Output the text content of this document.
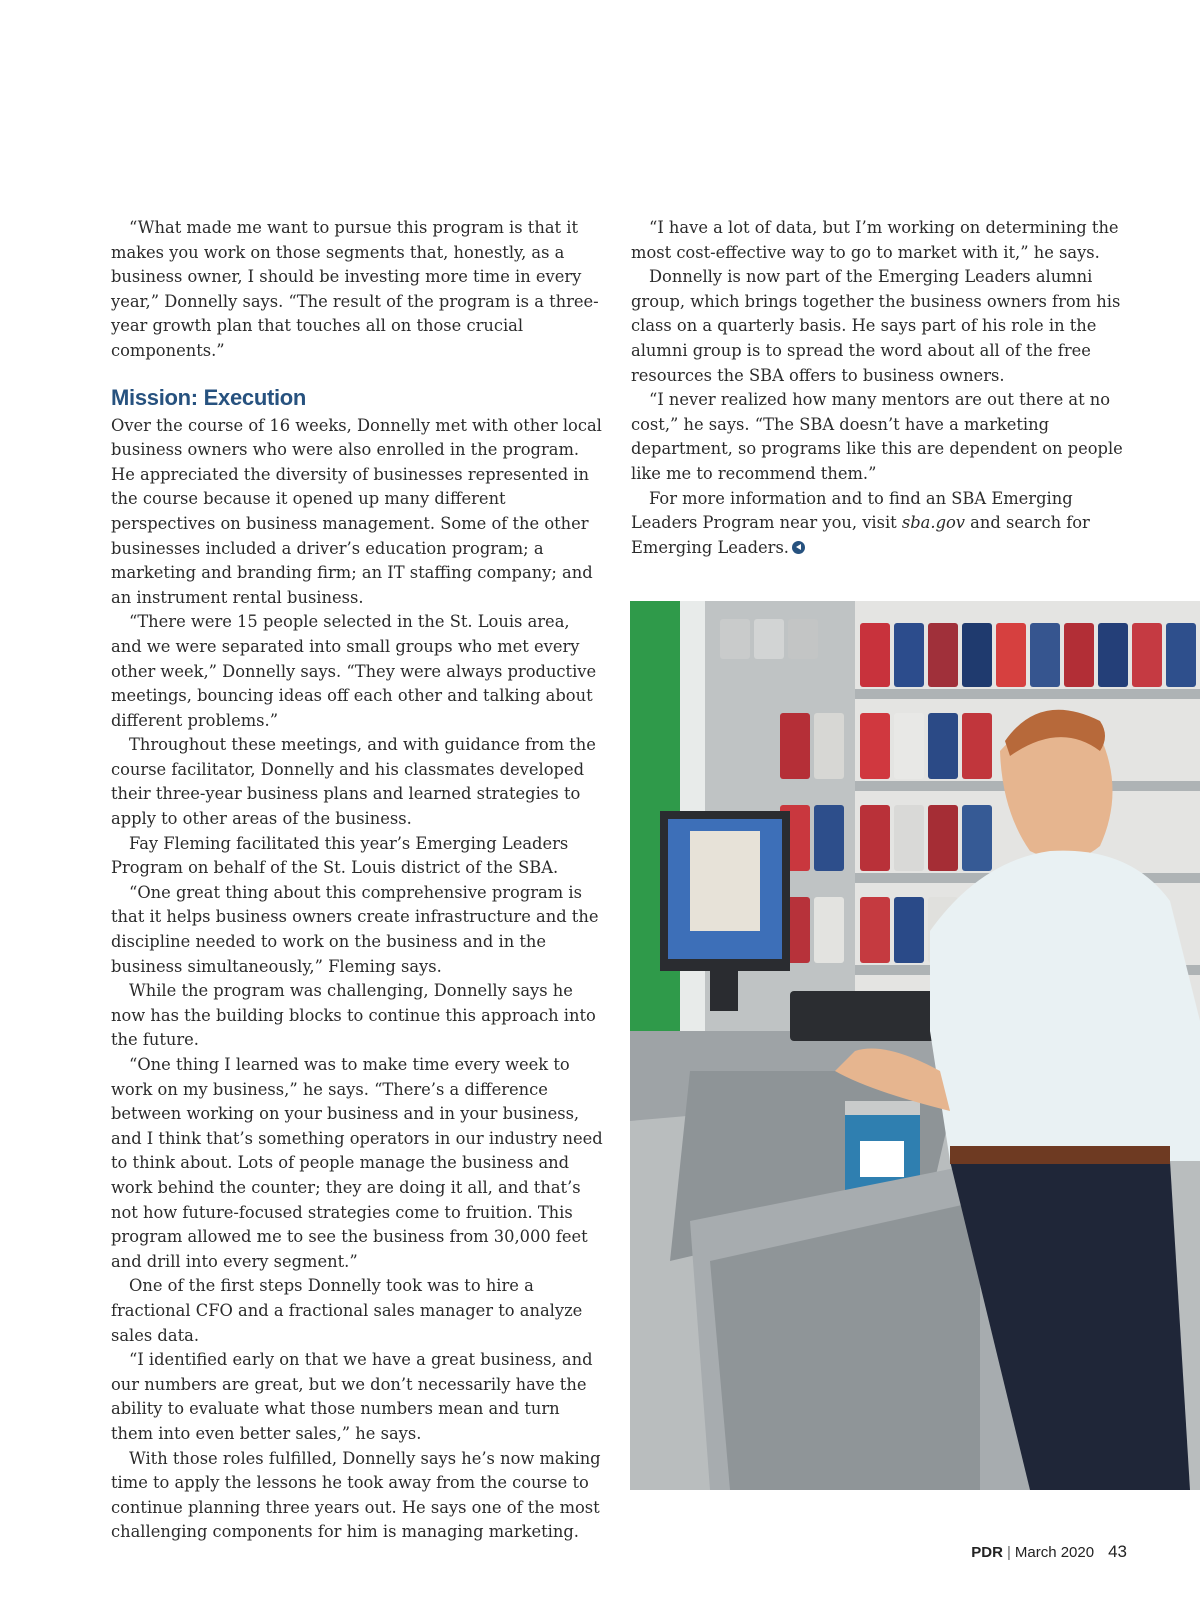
“What made me want to pursue this program is that it makes you work on those segments that, honestly, as a business owner, I should be investing more time in every year,” Donnelly says. “The result of the program is a three-year growth plan that touches all on those crucial components.”

Mission: Execution

Over the course of 16 weeks, Donnelly met with other local business owners who were also enrolled in the program. He appreciated the diversity of businesses represented in the course because it opened up many different perspectives on business management. Some of the other businesses included a driver’s education program; a marketing and branding firm; an IT staffing company; and an instrument rental business.

“There were 15 people selected in the St. Louis area, and we were separated into small groups who met every other week,” Donnelly says. “They were always productive meetings, bouncing ideas off each other and talking about different problems.”

Throughout these meetings, and with guidance from the course facilitator, Donnelly and his classmates developed their three-year business plans and learned strategies to apply to other areas of the business.

Fay Fleming facilitated this year’s Emerging Leaders Program on behalf of the St. Louis district of the SBA.

“One great thing about this comprehensive program is that it helps business owners create infrastructure and the discipline needed to work on the business and in the business simultaneously,” Fleming says.

While the program was challenging, Donnelly says he now has the building blocks to continue this approach into the future.

“One thing I learned was to make time every week to work on my business,” he says. “There’s a difference between working on your business and in your business, and I think that’s something operators in our industry need to think about. Lots of people manage the business and work behind the counter; they are doing it all, and that’s not how future-focused strategies come to fruition. This program allowed me to see the business from 30,000 feet and drill into every segment.”

One of the first steps Donnelly took was to hire a fractional CFO and a fractional sales manager to analyze sales data.

“I identified early on that we have a great business, and our numbers are great, but we don’t necessarily have the ability to evaluate what those numbers mean and turn them into even better sales,” he says.

With those roles fulfilled, Donnelly says he’s now making time to apply the lessons he took away from the course to continue planning three years out. He says one of the most challenging components for him is managing marketing.

“I have a lot of data, but I’m working on determining the most cost-effective way to go to market with it,” he says.

Donnelly is now part of the Emerging Leaders alumni group, which brings together the business owners from his class on a quarterly basis. He says part of his role in the alumni group is to spread the word about all of the free resources the SBA offers to business owners.

“I never realized how many mentors are out there at no cost,” he says. “The SBA doesn’t have a marketing department, so programs like this are dependent on people like me to recommend them.”

For more information and to find an SBA Emerging Leaders Program near you, visit sba.gov and search for Emerging Leaders.

PDR | March 2020 43
